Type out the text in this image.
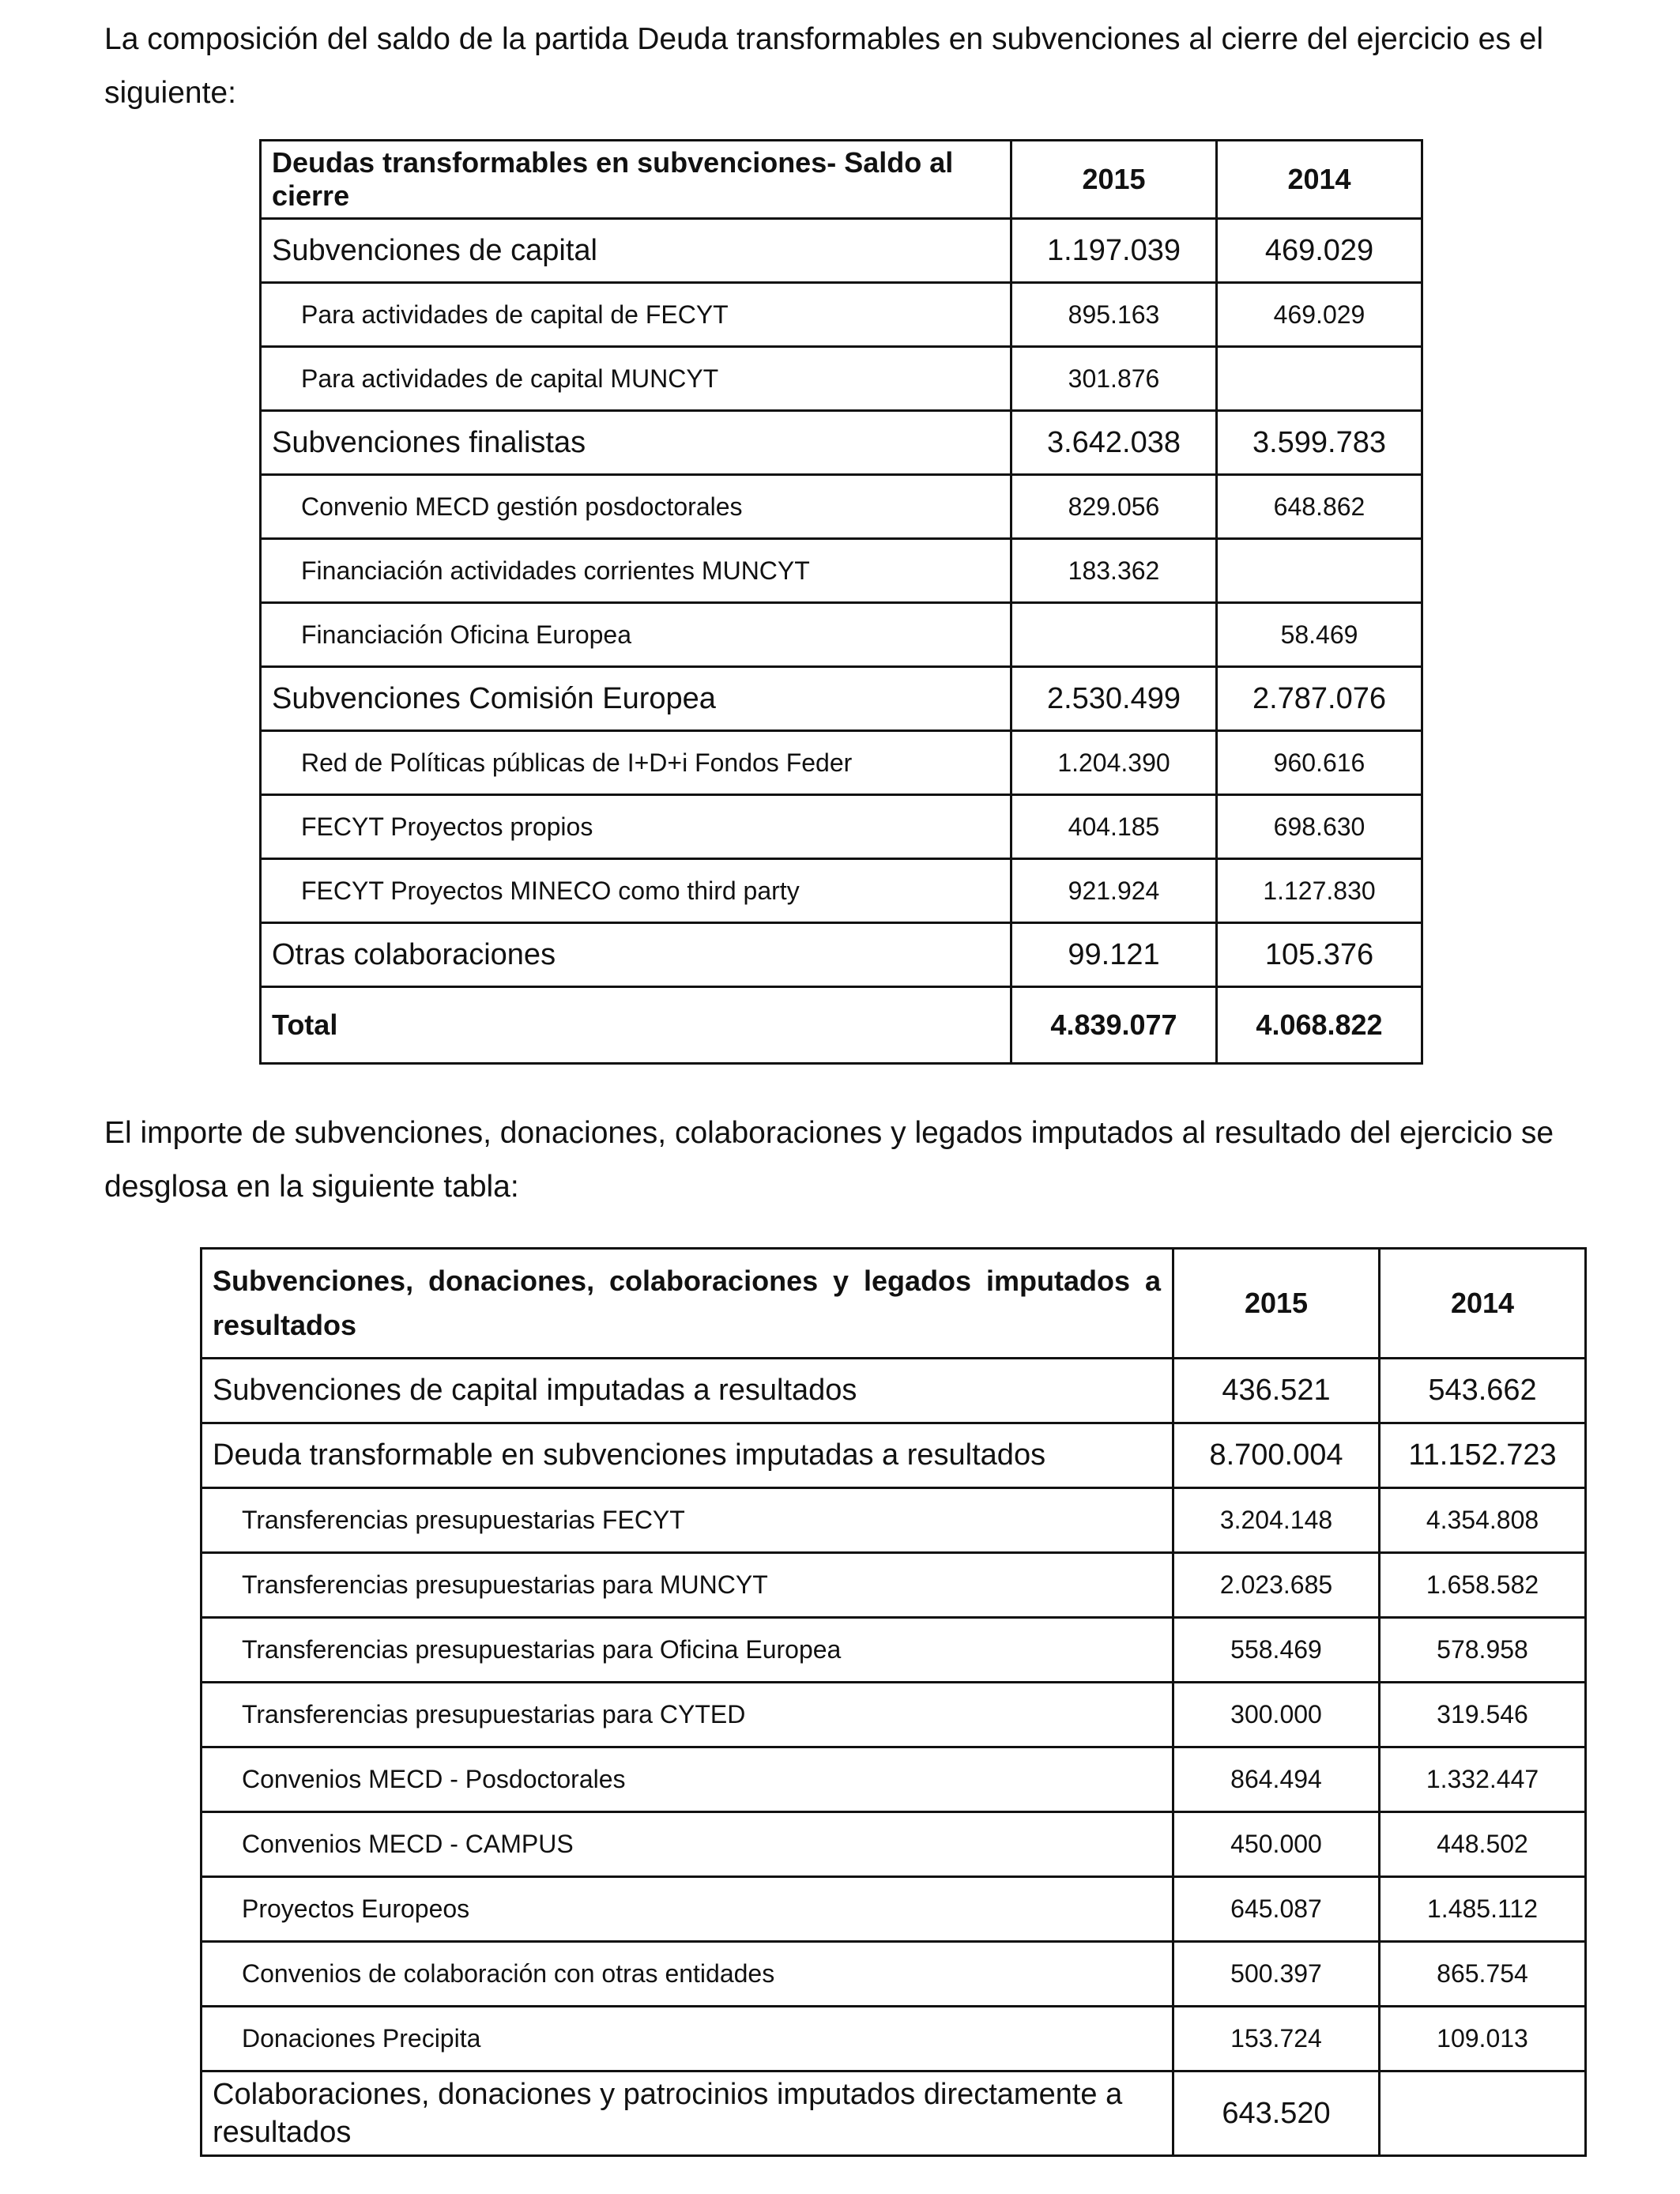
La composición del saldo de la partida Deuda transformables en subvenciones al cierre del ejercicio es el siguiente:

Deudas transformables en subvenciones- Saldo al cierre	2015	2014
Subvenciones de capital	1.197.039	469.029
Para actividades de capital de FECYT	895.163	469.029
Para actividades de capital MUNCYT	301.876	
Subvenciones finalistas	3.642.038	3.599.783
Convenio MECD gestión posdoctorales	829.056	648.862
Financiación actividades corrientes MUNCYT	183.362	
Financiación Oficina Europea		58.469
Subvenciones Comisión Europea	2.530.499	2.787.076
Red de Políticas públicas de I+D+i Fondos Feder	1.204.390	960.616
FECYT Proyectos propios	404.185	698.630
FECYT Proyectos MINECO como third party	921.924	1.127.830
Otras colaboraciones	99.121	105.376
Total	4.839.077	4.068.822

El importe de subvenciones, donaciones, colaboraciones y legados imputados al resultado del ejercicio se desglosa en la siguiente tabla:

Subvenciones, donaciones, colaboraciones y legados imputados a resultados	2015	2014
Subvenciones de capital imputadas a resultados	436.521	543.662
Deuda transformable en subvenciones imputadas a resultados	8.700.004	11.152.723
Transferencias presupuestarias FECYT	3.204.148	4.354.808
Transferencias presupuestarias para MUNCYT	2.023.685	1.658.582
Transferencias presupuestarias para Oficina Europea	558.469	578.958
Transferencias presupuestarias para CYTED	300.000	319.546
Convenios MECD - Posdoctorales	864.494	1.332.447
Convenios MECD - CAMPUS	450.000	448.502
Proyectos Europeos	645.087	1.485.112
Convenios de colaboración con otras entidades	500.397	865.754
Donaciones Precipita	153.724	109.013
Colaboraciones, donaciones y patrocinios imputados directamente a resultados	643.520	
